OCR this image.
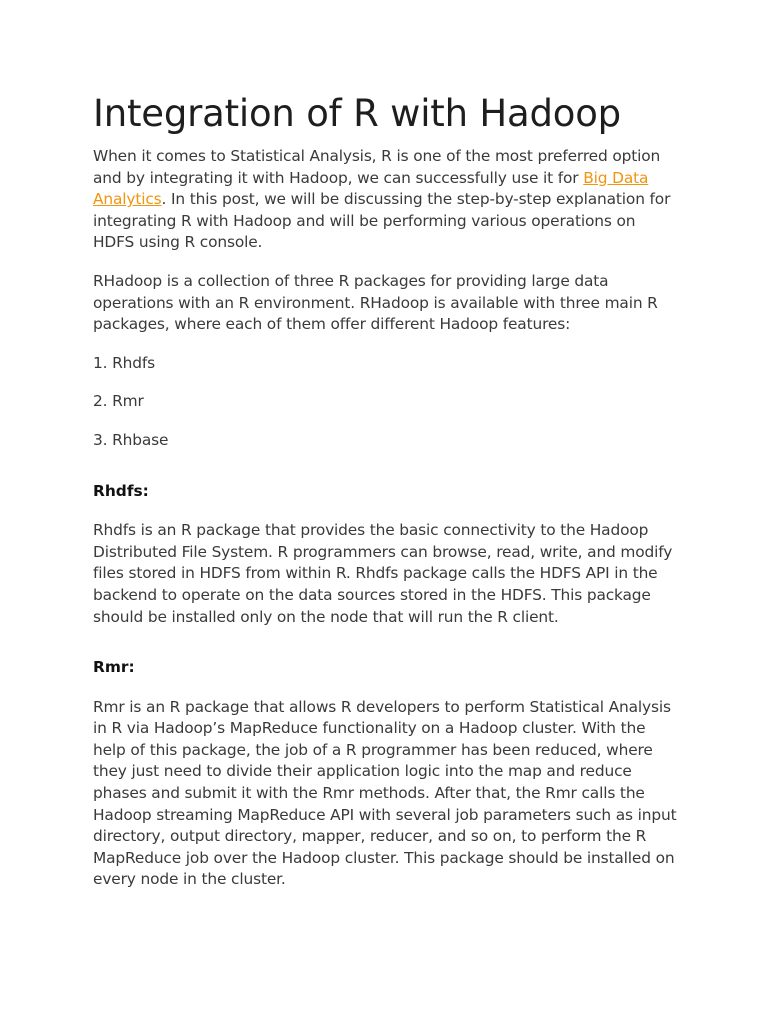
Integration of R with Hadoop

When it comes to Statistical Analysis, R is one of the most preferred option and by integrating it with Hadoop, we can successfully use it for Big Data Analytics. In this post, we will be discussing the step-by-step explanation for integrating R with Hadoop and will be performing various operations on HDFS using R console.

RHadoop is a collection of three R packages for providing large data operations with an R environment. RHadoop is available with three main R packages, where each of them offer different Hadoop features:

1. Rhdfs

2. Rmr

3. Rhbase

Rhdfs:

Rhdfs is an R package that provides the basic connectivity to the Hadoop Distributed File System. R programmers can browse, read, write, and modify files stored in HDFS from within R. Rhdfs package calls the HDFS API in the backend to operate on the data sources stored in the HDFS. This package should be installed only on the node that will run the R client.

Rmr:

Rmr is an R package that allows R developers to perform Statistical Analysis in R via Hadoop’s MapReduce functionality on a Hadoop cluster. With the help of this package, the job of a R programmer has been reduced, where they just need to divide their application logic into the map and reduce phases and submit it with the Rmr methods. After that, the Rmr calls the Hadoop streaming MapReduce API with several job parameters such as input directory, output directory, mapper, reducer, and so on, to perform the R MapReduce job over the Hadoop cluster. This package should be installed on every node in the cluster.
